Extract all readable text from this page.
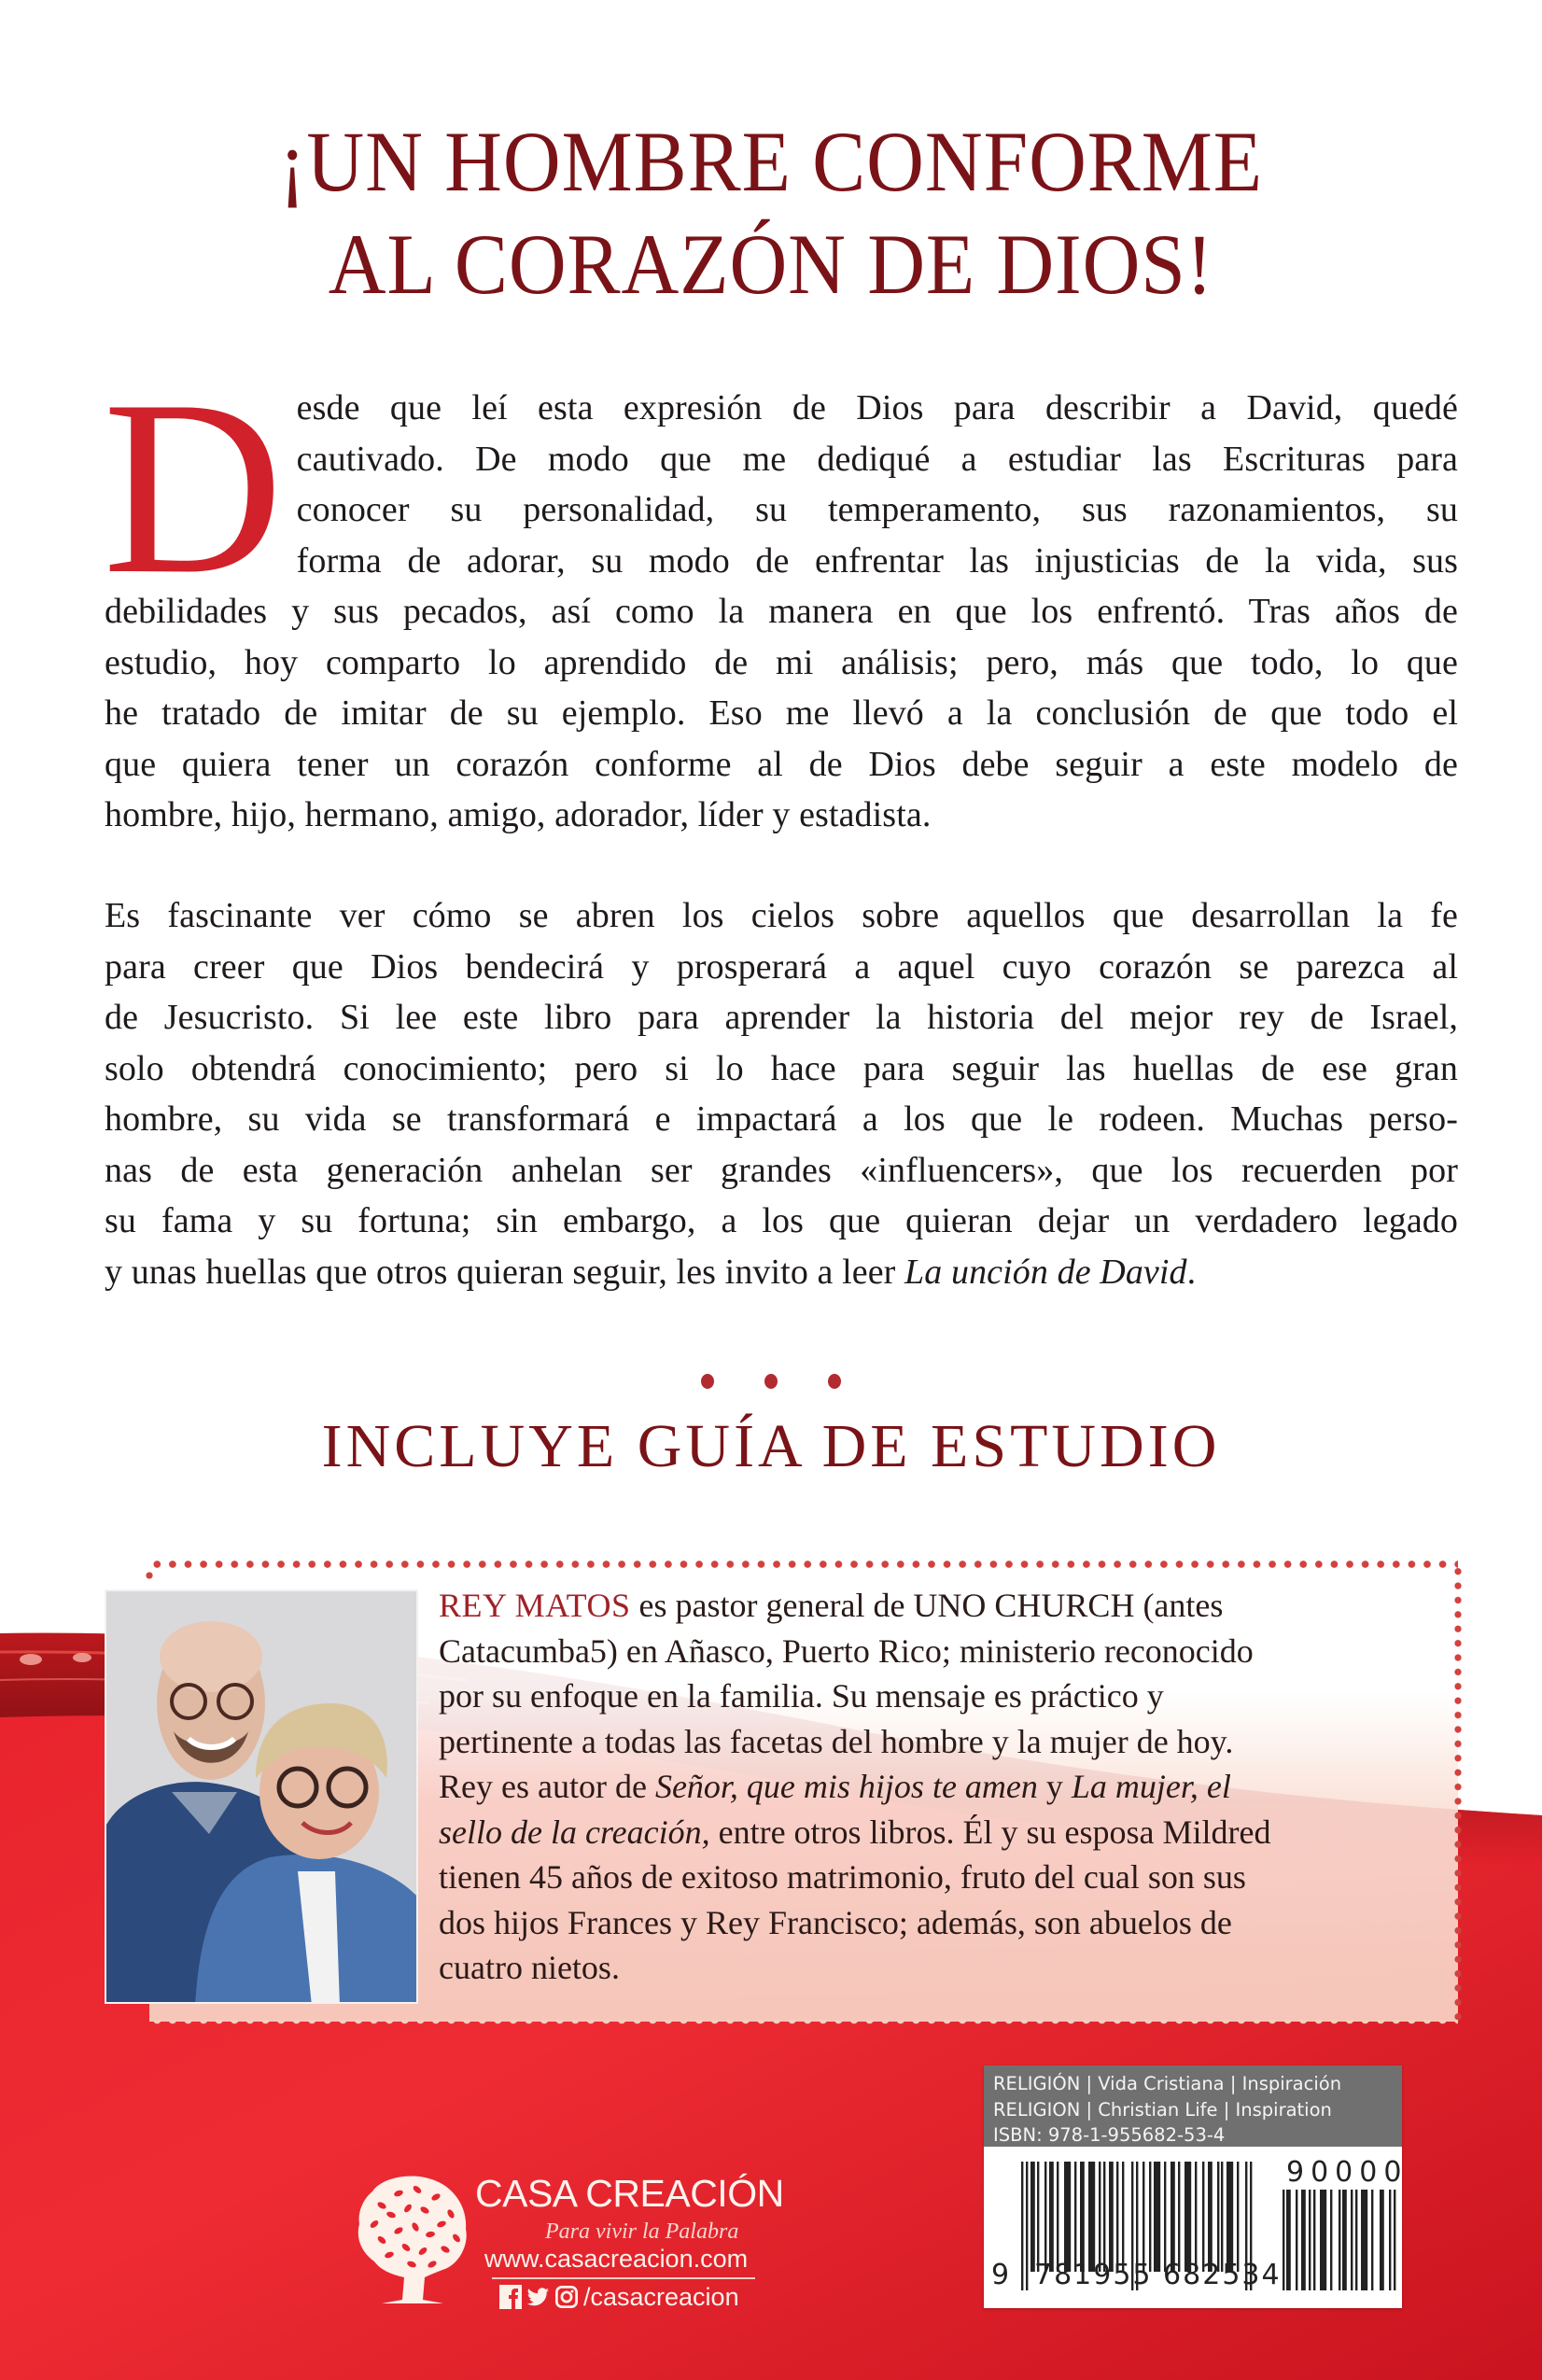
¡UN HOMBRE CONFORME
AL CORAZÓN DE DIOS!
D esde que leí esta expresión de Dios para describir a David, quedé
cautivado. De modo que me dediqué a estudiar las Escrituras para
conocer su personalidad, su temperamento, sus razonamientos, su
forma de adorar, su modo de enfrentar las injusticias de la vida, sus
debilidades y sus pecados, así como la manera en que los enfrentó. Tras años de
estudio, hoy comparto lo aprendido de mi análisis; pero, más que todo, lo que
he tratado de imitar de su ejemplo. Eso me llevó a la conclusión de que todo el
que quiera tener un corazón conforme al de Dios debe seguir a este modelo de
hombre, hijo, hermano, amigo, adorador, líder y estadista.
Es fascinante ver cómo se abren los cielos sobre aquellos que desarrollan la fe
para creer que Dios bendecirá y prosperará a aquel cuyo corazón se parezca al
de Jesucristo. Si lee este libro para aprender la historia del mejor rey de Israel,
solo obtendrá conocimiento; pero si lo hace para seguir las huellas de ese gran
hombre, su vida se transformará e impactará a los que le rodeen. Muchas perso-
nas de esta generación anhelan ser grandes «influencers», que los recuerden por
su fama y su fortuna; sin embargo, a los que quieran dejar un verdadero legado
y unas huellas que otros quieran seguir, les invito a leer La unción de David.

INCLUYE GUÍA DE ESTUDIO
REY MATOS es pastor general de UNO CHURCH (antes
Catacumba5) en Añasco, Puerto Rico; ministerio reconocido
por su enfoque en la familia. Su mensaje es práctico y
pertinente a todas las facetas del hombre y la mujer de hoy.
Rey es autor de Señor, que mis hijos te amen y La mujer, el
sello de la creación, entre otros libros. Él y su esposa Mildred
tienen 45 años de exitoso matrimonio, fruto del cual son sus
dos hijos Frances y Rey Francisco; además, son abuelos de
cuatro nietos.
CASA CREACIÓN
Para vivir la Palabra
www.casacreacion.com
/casacreacion
RELIGIÓN | Vida Cristiana | Inspiración
RELIGION | Christian Life | Inspiration
ISBN: 978-1-955682-53-4
9 781955 682534
90000
